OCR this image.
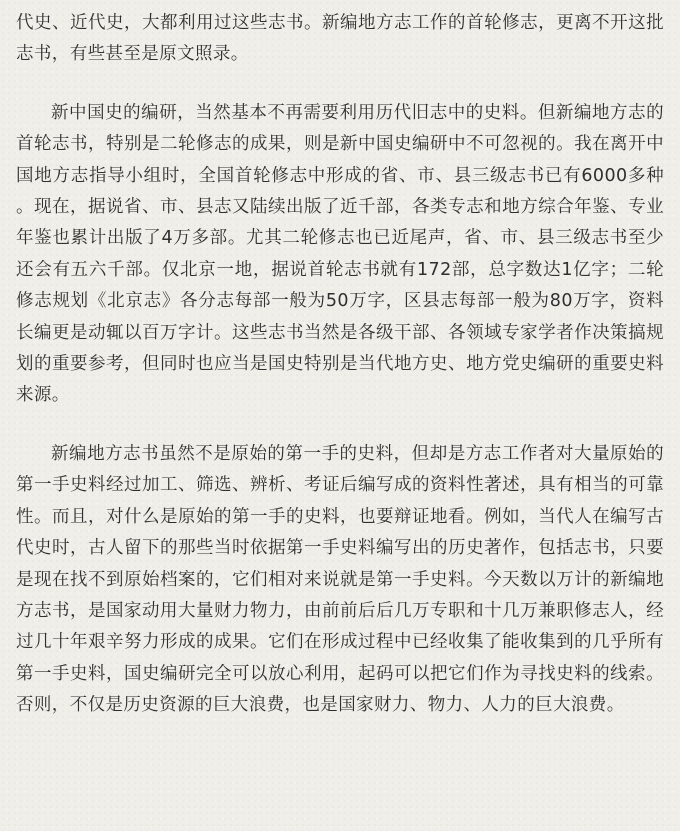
代史、近代史，大都利用过这些志书。新编地方志工作的首轮修志，更离不开这批志书，有些甚至是原文照录。

新中国史的编研，当然基本不再需要利用历代旧志中的史料。但新编地方志的首轮志书，特别是二轮修志的成果，则是新中国史编研中不可忽视的。我在离开中国地方志指导小组时，全国首轮修志中形成的省、市、县三级志书已有6000多种。现在，据说省、市、县志又陆续出版了近千部，各类专志和地方综合年鉴、专业年鉴也累计出版了4万多部。尤其二轮修志也已近尾声，省、市、县三级志书至少还会有五六千部。仅北京一地，据说首轮志书就有172部，总字数达1亿字；二轮修志规划《北京志》各分志每部一般为50万字，区县志每部一般为80万字，资料长编更是动辄以百万字计。这些志书当然是各级干部、各领域专家学者作决策搞规划的重要参考，但同时也应当是国史特别是当代地方史、地方党史编研的重要史料来源。

新编地方志书虽然不是原始的第一手的史料，但却是方志工作者对大量原始的第一手史料经过加工、筛选、辨析、考证后编写成的资料性著述，具有相当的可靠性。而且，对什么是原始的第一手的史料，也要辩证地看。例如，当代人在编写古代史时，古人留下的那些当时依据第一手史料编写出的历史著作，包括志书，只要是现在找不到原始档案的，它们相对来说就是第一手史料。今天数以万计的新编地方志书，是国家动用大量财力物力，由前前后后几万专职和十几万兼职修志人，经过几十年艰辛努力形成的成果。它们在形成过程中已经收集了能收集到的几乎所有第一手史料，国史编研完全可以放心利用，起码可以把它们作为寻找史料的线索。否则，不仅是历史资源的巨大浪费，也是国家财力、物力、人力的巨大浪费。
